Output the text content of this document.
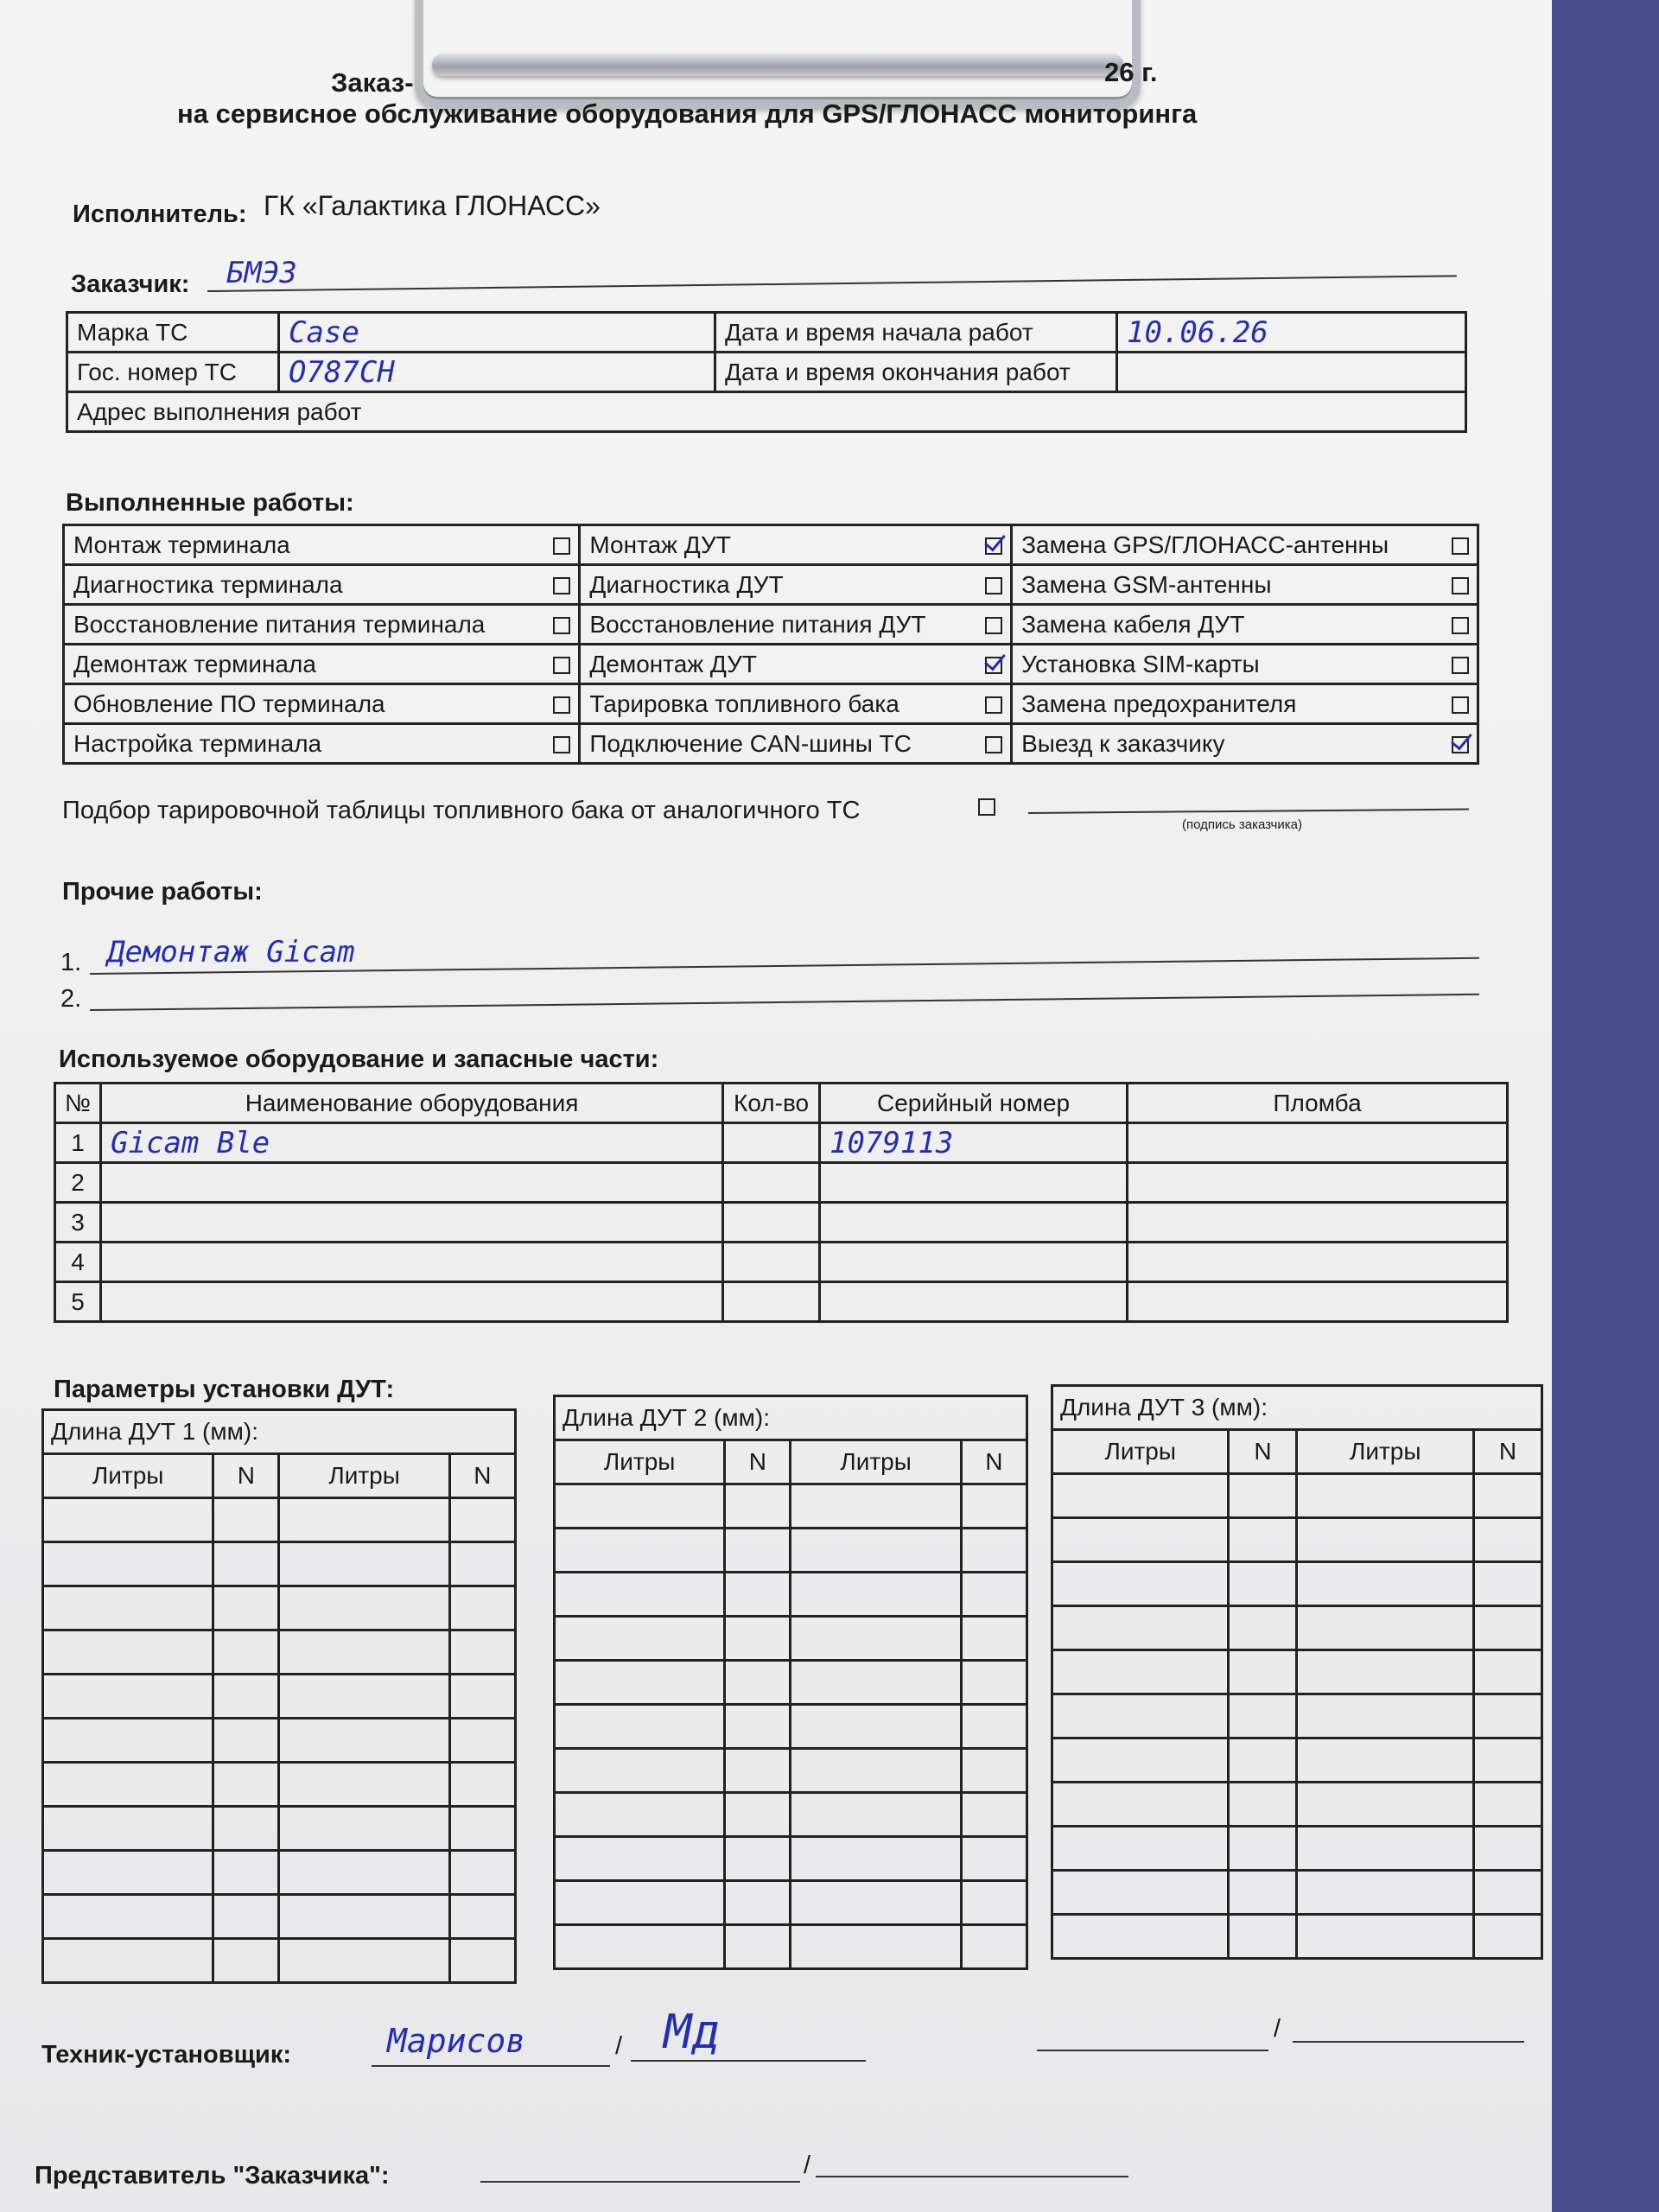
Заказ-	26 г.
на сервисное обслуживание оборудования для GPS/ГЛОНАСС мониторинга
Исполнитель: ГК «Галактика ГЛОНАСС»
Заказчик: БМЭЗ
Марка ТС	Case	Дата и время начала работ	10.06.26
Гос. номер ТС	О787СН	Дата и время окончания работ	
Адрес выполнения работ			
Выполненные работы:
Монтаж терминала		Монтаж ДУТ		Замена GPS/ГЛОНАСС-антенны	
Диагностика терминала		Диагностика ДУТ		Замена GSM-антенны	
Восстановление питания терминала		Восстановление питания ДУТ		Замена кабеля ДУТ	
Демонтаж терминала		Демонтаж ДУТ		Установка SIM-карты	
Обновление ПО терминала		Тарировка топливного бака		Замена предохранителя	
Настройка терминала		Подключение CAN-шины ТС		Выезд к заказчику	
Подбор тарировочной таблицы топливного бака от аналогичного ТС
(подпись заказчика)
Прочие работы:
1. Демонтаж Gicam
2.
Используемое оборудование и запасные части:
№	Наименование оборудования	Кол-во	Серийный номер	Пломба
1	Gicam Ble		1079113	
2				
3				
4				
5				
Параметры установки ДУТ:
Длина ДУТ 1 (мм):			
Литры	N	Литры	N

Длина ДУТ 2 (мм):			
Литры	N	Литры	N

Длина ДУТ 3 (мм):			
Литры	N	Литры	N

Техник-установщик:	Марисов	/ Мд	/
Представитель "Заказчика":	/
